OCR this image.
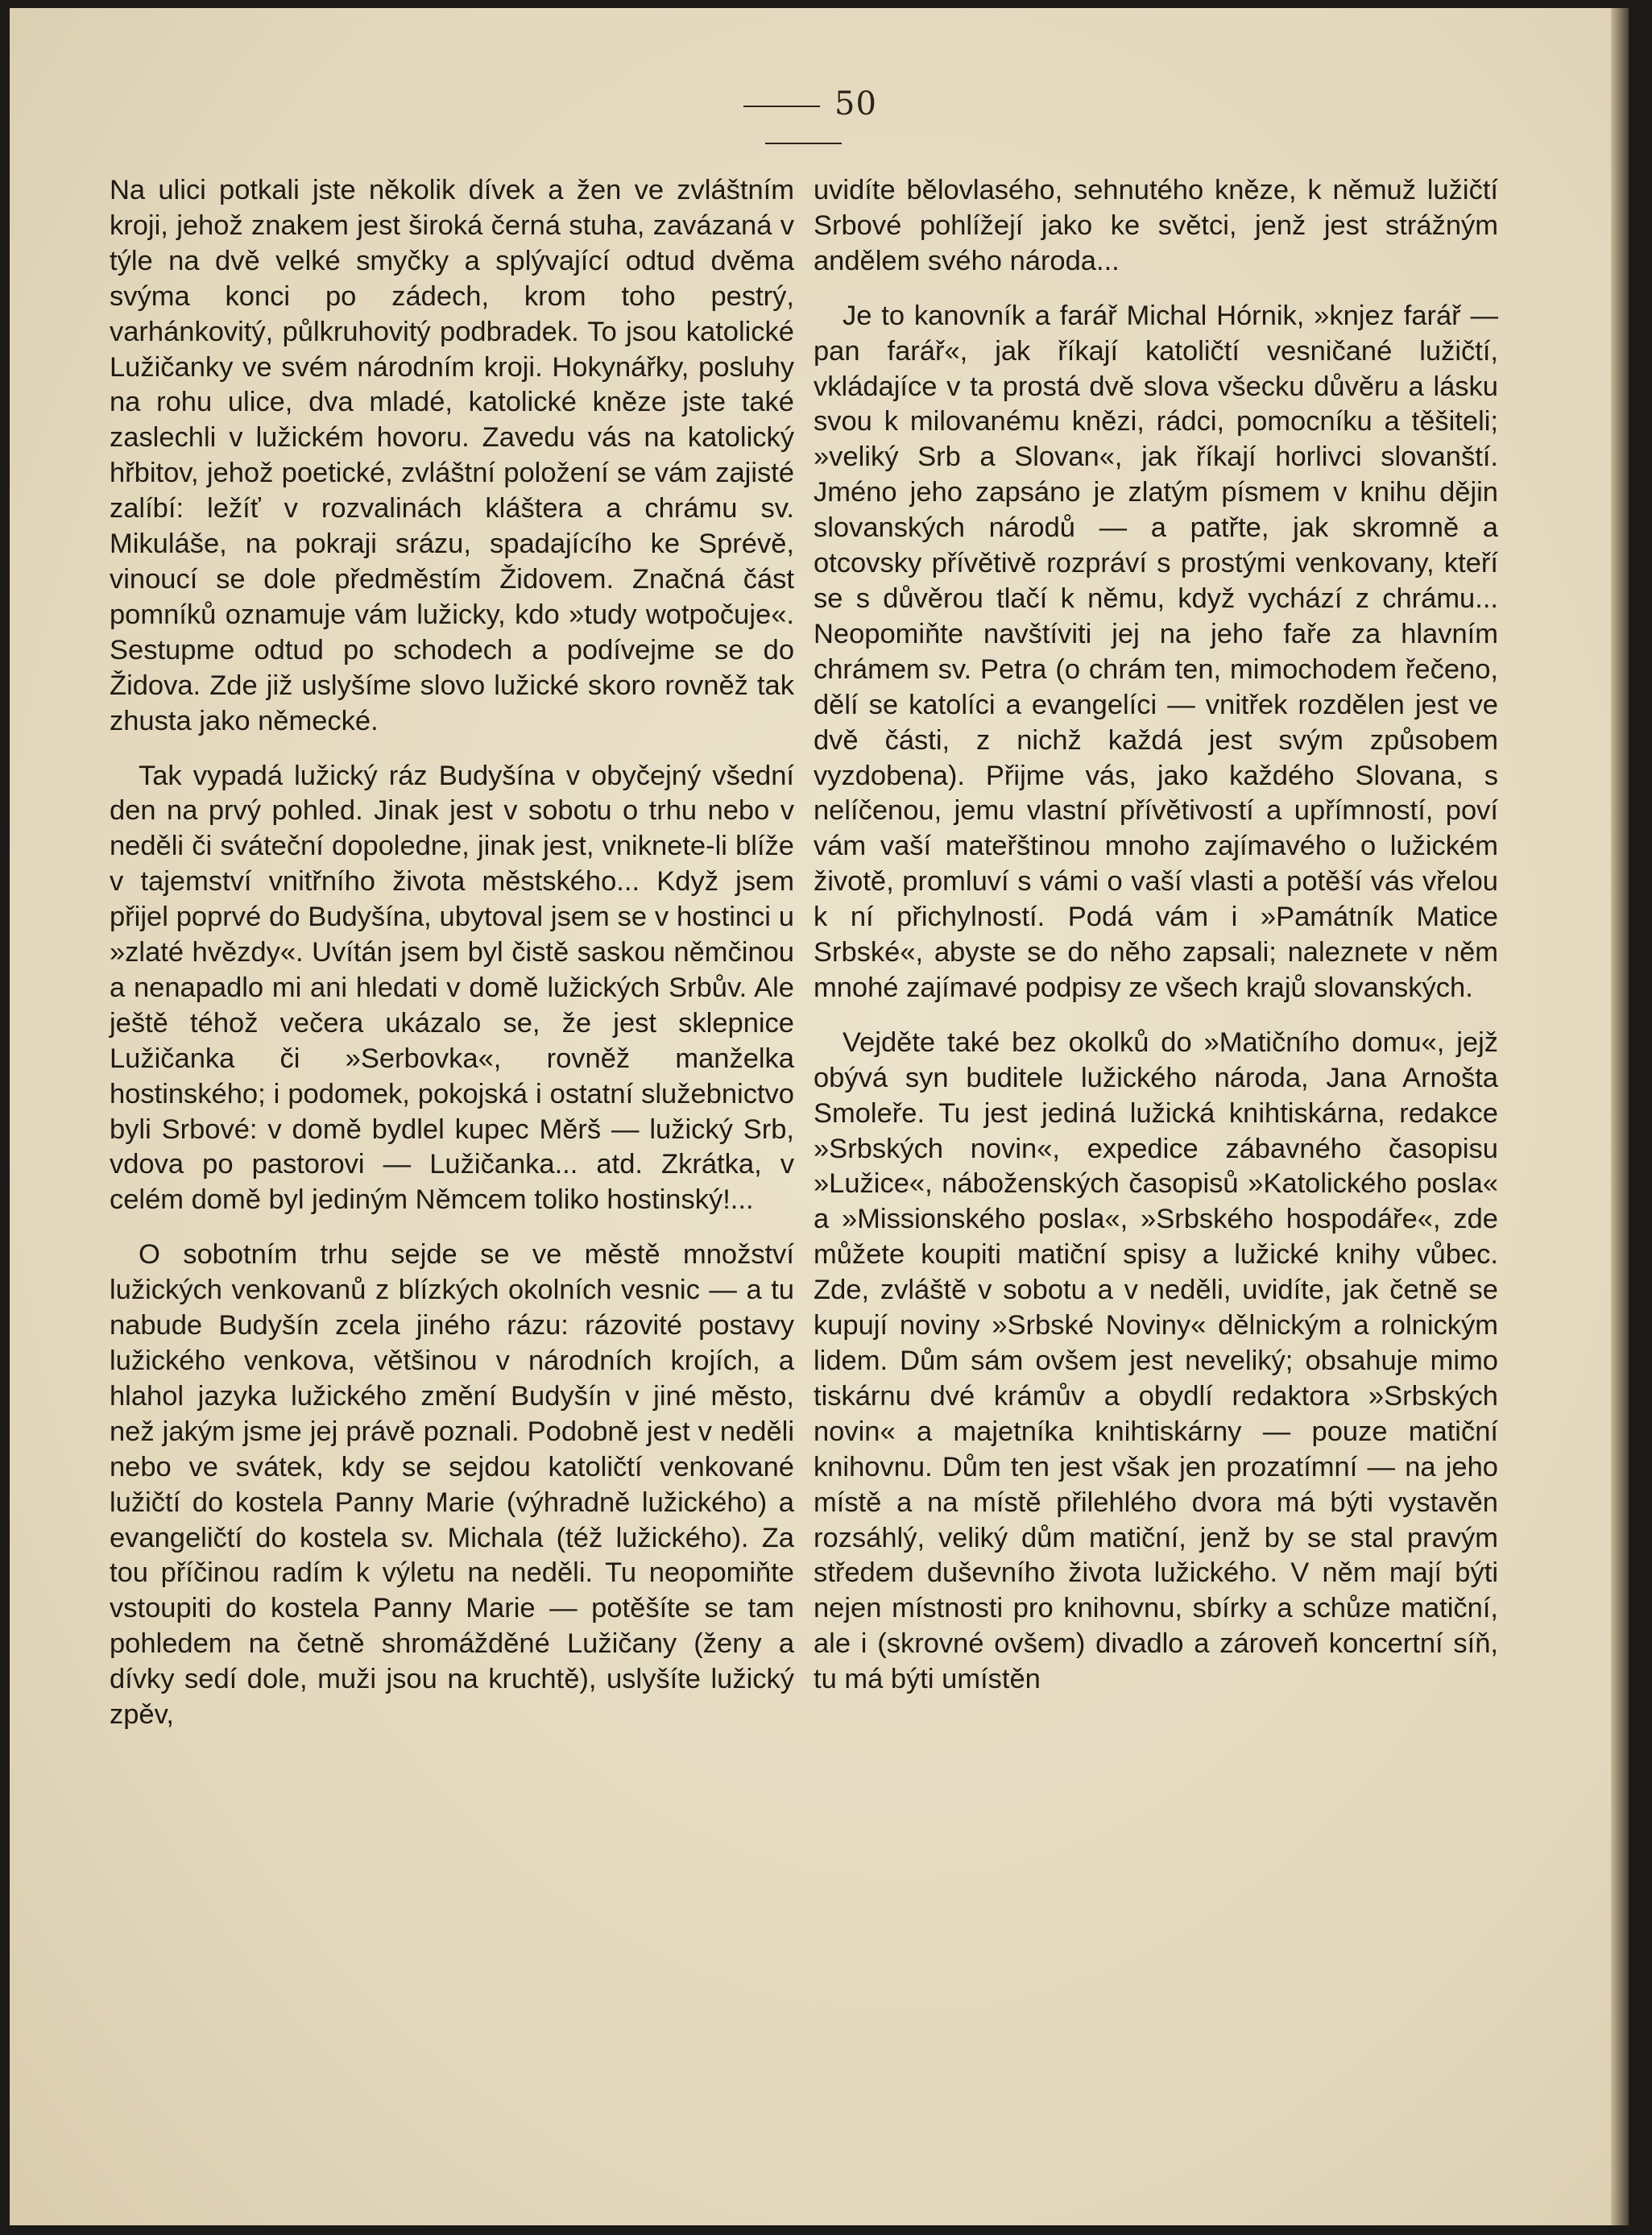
50

Na ulici potkali jste několik dívek a žen ve zvláštním kroji, jehož znakem jest široká černá stuha, zavázaná v týle na dvě velké smyčky a splývající odtud dvěma svýma konci po zádech, krom toho pestrý, varhánkovitý, půlkruhovitý podbradek. To jsou katolické Lužičanky ve svém národním kroji. Hokynářky, posluhy na rohu ulice, dva mladé, katolické kněze jste také zaslechli v lužickém hovoru. Zavedu vás na katolický hřbitov, jehož poetické, zvláštní položení se vám zajisté zalíbí: ležíť v rozvalinách kláštera a chrámu sv. Mikuláše, na pokraji srázu, spadajícího ke Sprévě, vinoucí se dole předměstím Židovem. Značná část pomníků oznamuje vám lužicky, kdo »tudy wotpočuje«. Sestupme odtud po schodech a podívejme se do Židova. Zde již uslyšíme slovo lužické skoro rovněž tak zhusta jako německé.

Tak vypadá lužický ráz Budyšína v obyčejný všední den na prvý pohled. Jinak jest v sobotu o trhu nebo v neděli či sváteční dopoledne, jinak jest, vniknete-li blíže v tajemství vnitřního života městského... Když jsem přijel poprvé do Budyšína, ubytoval jsem se v hostinci u »zlaté hvězdy«. Uvítán jsem byl čistě saskou němčinou a nenapadlo mi ani hledati v domě lužických Srbův. Ale ještě téhož večera ukázalo se, že jest sklepnice Lužičanka či »Serbovka«, rovněž manželka hostinského; i podomek, pokojská i ostatní služebnictvo byli Srbové: v domě bydlel kupec Měrš — lužický Srb, vdova po pastorovi — Lužičanka... atd. Zkrátka, v celém domě byl jediným Němcem toliko hostinský!...

O sobotním trhu sejde se ve městě množství lužických venkovanů z blízkých okolních vesnic — a tu nabude Budyšín zcela jiného rázu: rázovité postavy lužického venkova, většinou v národních krojích, a hlahol jazyka lužického změní Budyšín v jiné město, než jakým jsme jej právě poznali. Podobně jest v neděli nebo ve svátek, kdy se sejdou katoličtí venkované lužičtí do kostela Panny Marie (výhradně lužického) a evangeličtí do kostela sv. Michala (též lužického). Za tou příčinou radím k výletu na neděli. Tu neopomiňte vstoupiti do kostela Panny Marie — potěšíte se tam pohledem na četně shromážděné Lužičany (ženy a dívky sedí dole, muži jsou na kruchtě), uslyšíte lužický zpěv,

uvidíte bělovlasého, sehnutého kněze, k němuž lužičtí Srbové pohlížejí jako ke světci, jenž jest strážným andělem svého národa...

Je to kanovník a farář Michal Hórnik, »knjez farář — pan farář«, jak říkají katoličtí vesničané lužičtí, vkládajíce v ta prostá dvě slova všecku důvěru a lásku svou k milovanému knězi, rádci, pomocníku a těšiteli; »veliký Srb a Slovan«, jak říkají horlivci slovanští. Jméno jeho zapsáno je zlatým písmem v knihu dějin slovanských národů — a patřte, jak skromně a otcovsky přívětivě rozpráví s prostými venkovany, kteří se s důvěrou tlačí k němu, když vychází z chrámu... Neopomiňte navštíviti jej na jeho faře za hlavním chrámem sv. Petra (o chrám ten, mimochodem řečeno, dělí se katolíci a evangelíci — vnitřek rozdělen jest ve dvě části, z nichž každá jest svým způsobem vyzdobena). Přijme vás, jako každého Slovana, s nelíčenou, jemu vlastní přívětivostí a upřímností, poví vám vaší mateřštinou mnoho zajímavého o lužickém životě, promluví s vámi o vaší vlasti a potěší vás vřelou k ní přichylností. Podá vám i »Památník Matice Srbské«, abyste se do něho zapsali; naleznete v něm mnohé zajímavé podpisy ze všech krajů slovanských.

Vejděte také bez okolků do »Matičního domu«, jejž obývá syn buditele lužického národa, Jana Arnošta Smoleře. Tu jest jediná lužická knihtiskárna, redakce »Srbských novin«, expedice zábavného časopisu »Lužice«, náboženských časopisů »Katolického posla« a »Missionského posla«, »Srbského hospodáře«, zde můžete koupiti matiční spisy a lužické knihy vůbec. Zde, zvláště v sobotu a v neděli, uvidíte, jak četně se kupují noviny »Srbské Noviny« dělnickým a rolnickým lidem. Dům sám ovšem jest neveliký; obsahuje mimo tiskárnu dvé krámův a obydlí redaktora »Srbských novin« a majetníka knihtiskárny — pouze matiční knihovnu. Dům ten jest však jen prozatímní — na jeho místě a na místě přilehlého dvora má býti vystavěn rozsáhlý, veliký dům matiční, jenž by se stal pravým středem duševního života lužického. V něm mají býti nejen místnosti pro knihovnu, sbírky a schůze matiční, ale i (skrovné ovšem) divadlo a zároveň koncertní síň, tu má býti umístěn
